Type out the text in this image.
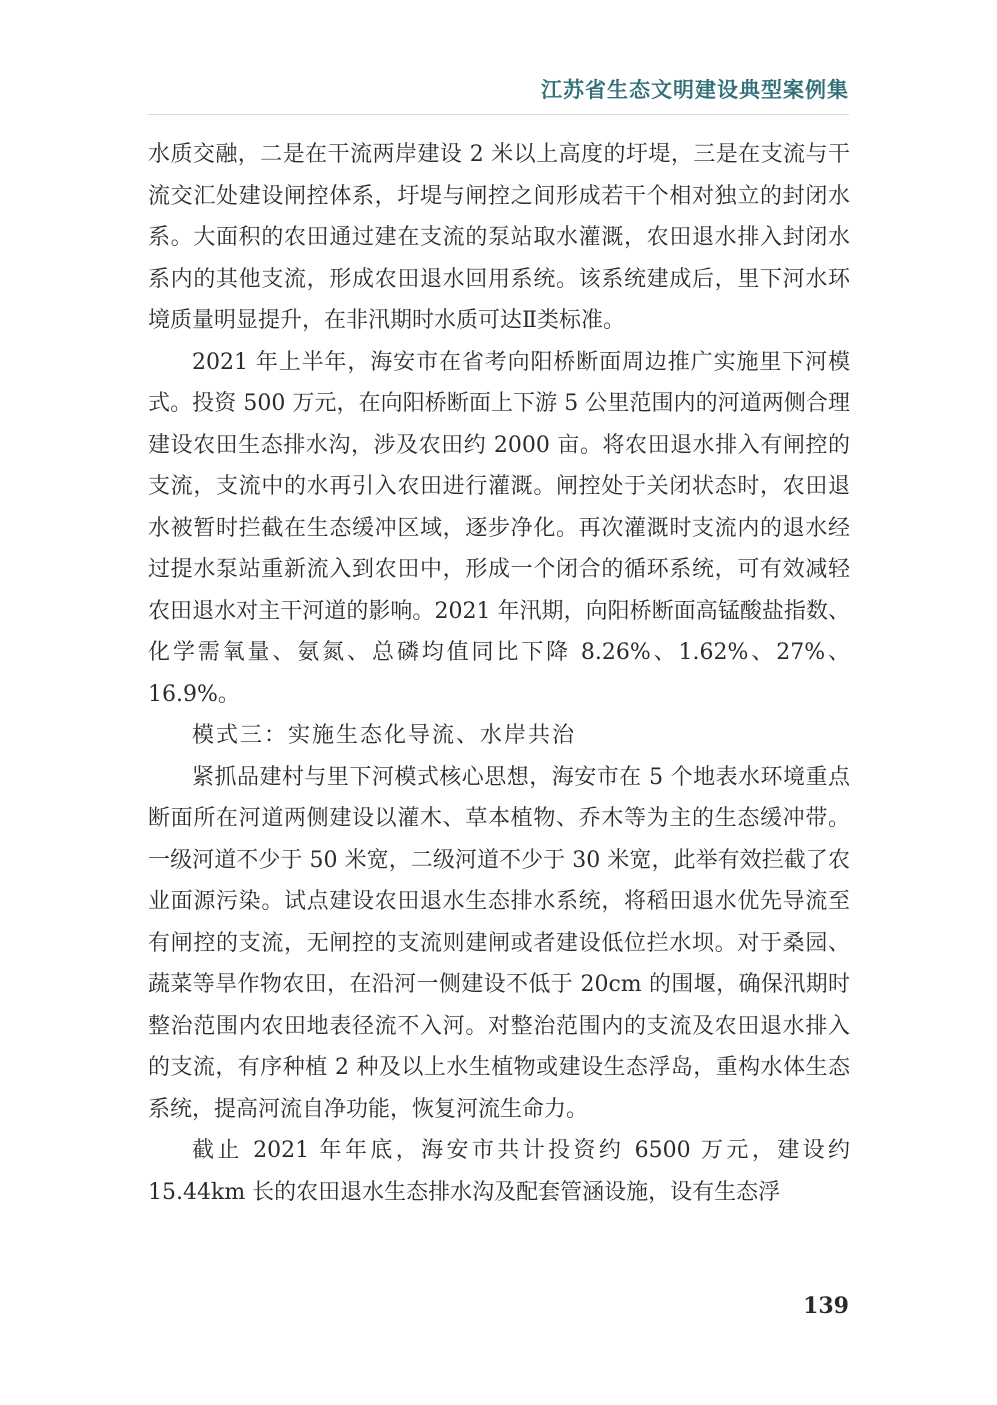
江苏省生态文明建设典型案例集

水质交融，二是在干流两岸建设 2 米以上高度的圩堤，三是在支流与干流交汇处建设闸控体系，圩堤与闸控之间形成若干个相对独立的封闭水系。大面积的农田通过建在支流的泵站取水灌溉，农田退水排入封闭水系内的其他支流，形成农田退水回用系统。该系统建成后，里下河水环境质量明显提升，在非汛期时水质可达Ⅱ类标准。

2021 年上半年，海安市在省考向阳桥断面周边推广实施里下河模式。投资 500 万元，在向阳桥断面上下游 5 公里范围内的河道两侧合理建设农田生态排水沟，涉及农田约 2000 亩。将农田退水排入有闸控的支流，支流中的水再引入农田进行灌溉。闸控处于关闭状态时，农田退水被暂时拦截在生态缓冲区域，逐步净化。再次灌溉时支流内的退水经过提水泵站重新流入到农田中，形成一个闭合的循环系统，可有效减轻农田退水对主干河道的影响。2021 年汛期，向阳桥断面高锰酸盐指数、化学需氧量、氨氮、总磷均值同比下降 8.26%、1.62%、27%、16.9%。

模式三：实施生态化导流、水岸共治

紧抓品建村与里下河模式核心思想，海安市在 5 个地表水环境重点断面所在河道两侧建设以灌木、草本植物、乔木等为主的生态缓冲带。一级河道不少于 50 米宽，二级河道不少于 30 米宽，此举有效拦截了农业面源污染。试点建设农田退水生态排水系统，将稻田退水优先导流至有闸控的支流，无闸控的支流则建闸或者建设低位拦水坝。对于桑园、蔬菜等旱作物农田，在沿河一侧建设不低于 20cm 的围堰，确保汛期时整治范围内农田地表径流不入河。对整治范围内的支流及农田退水排入的支流，有序种植 2 种及以上水生植物或建设生态浮岛，重构水体生态系统，提高河流自净功能，恢复河流生命力。

截止 2021 年年底，海安市共计投资约 6500 万元，建设约 15.44km 长的农田退水生态排水沟及配套管涵设施，设有生态浮

139
